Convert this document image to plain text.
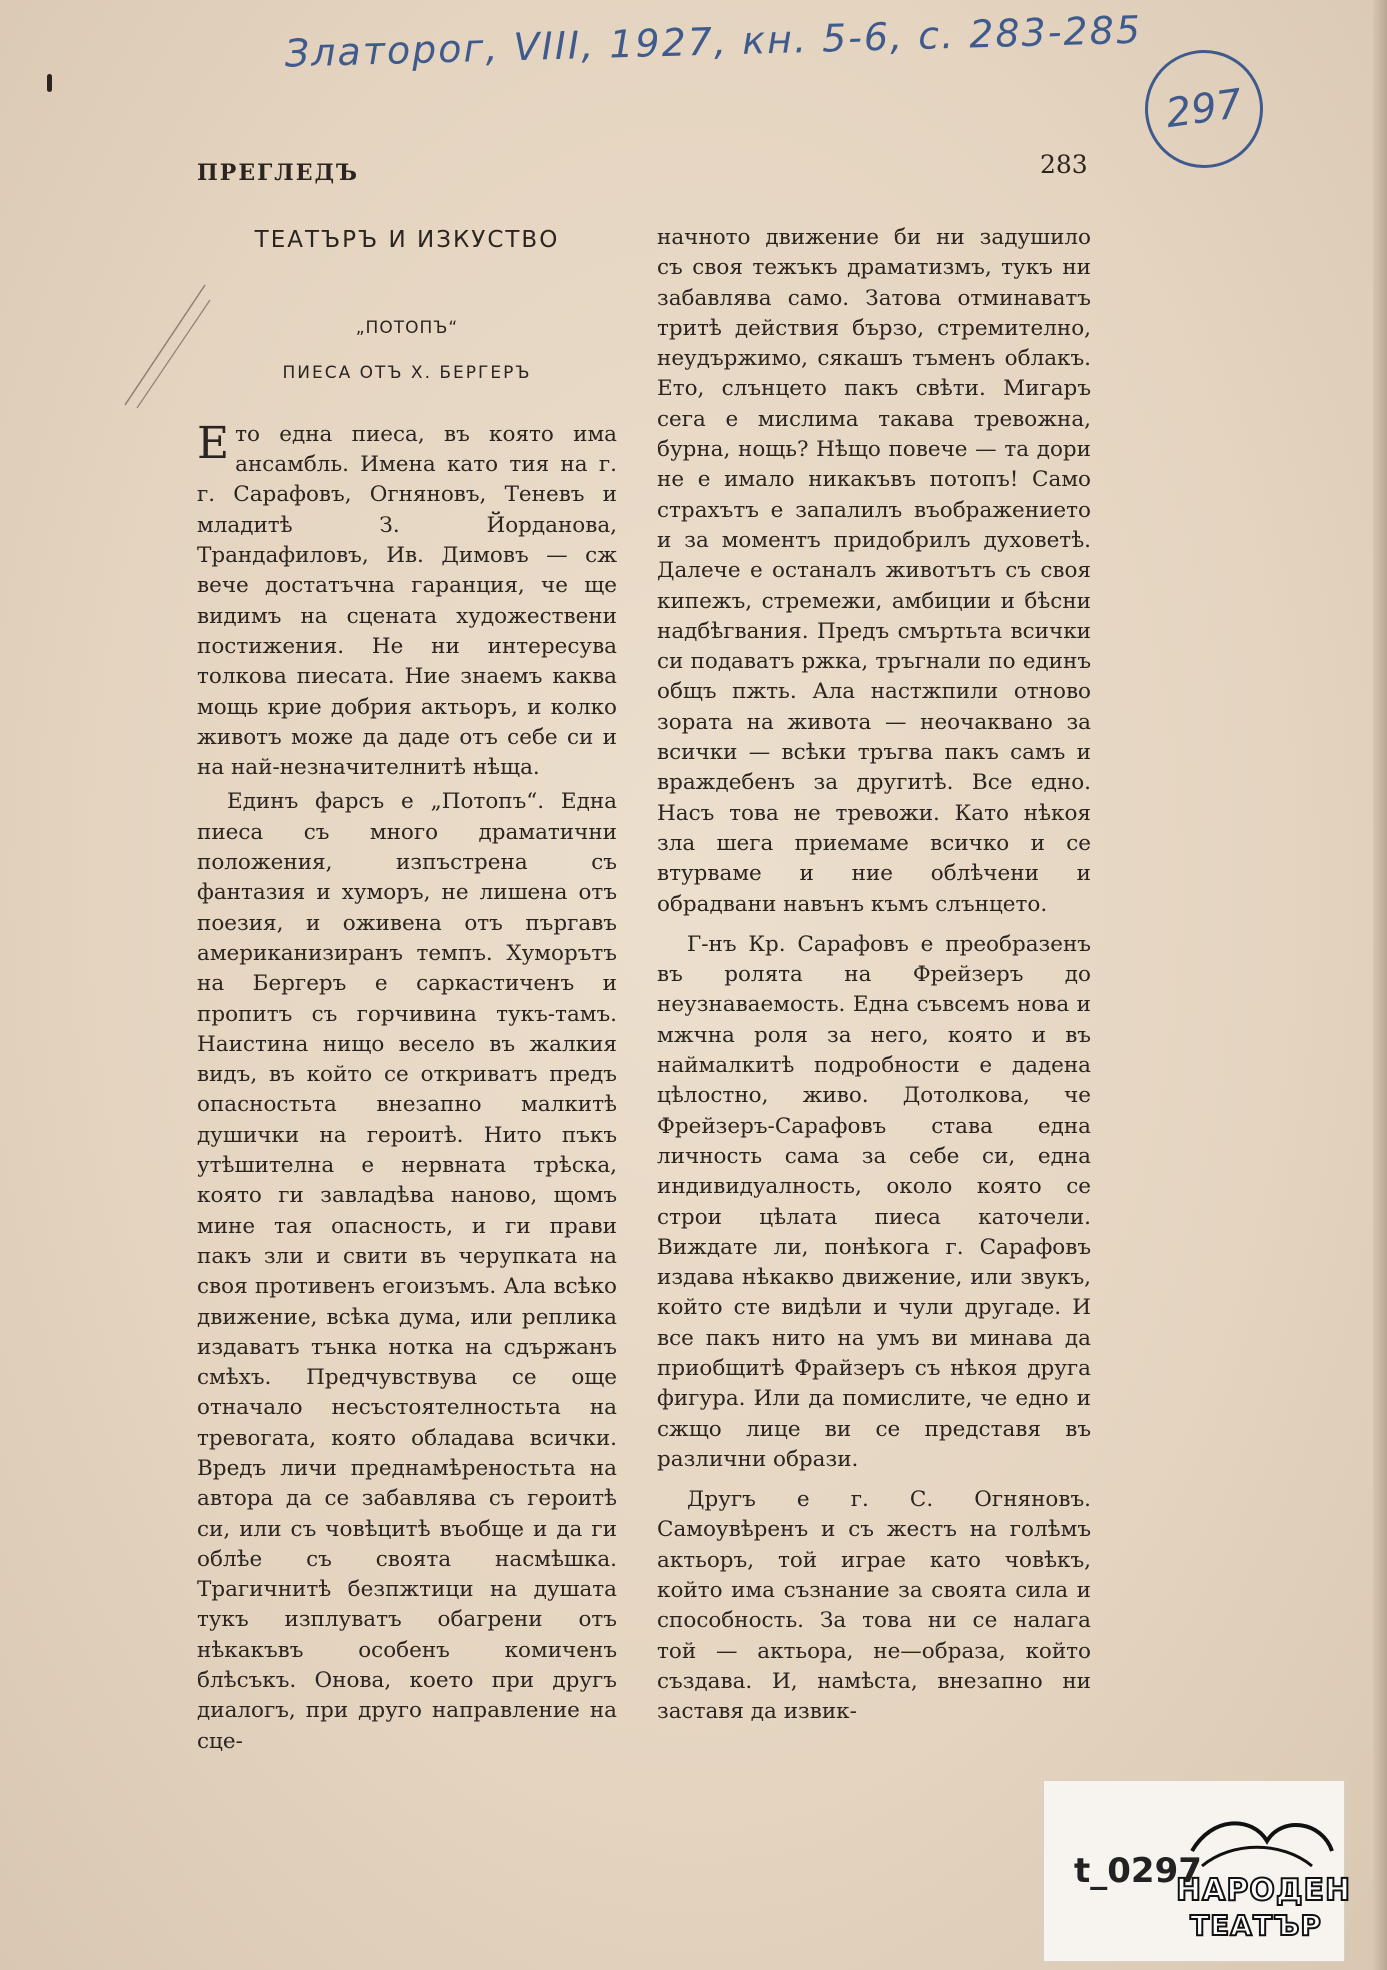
Златорог, VIII, 1927, кн. 5-6, с. 283-285
297
ПРЕГЛЕДЪ	283
ТЕАТЪРЪ И ИЗКУСТВО
„ПОТОПЪ“
ПИЕСА ОТЪ Х. БЕРГЕРЪ

Ето една пиеса, въ която има ансамбль. Имена като тия на г. г. Сарафовъ, Огняновъ, Теневъ и младитѣ З. Йорданова, Трандафиловъ, Ив. Димовъ — сж вече достатъчна гаранция, че ще видимъ на сцената художествени постижения. Не ни интересува толкова пиесата. Ние знаемъ каква мощь крие добрия актьоръ, и колко животъ може да даде отъ себе си и на най-незначителнитѣ нѣща.

Единъ фарсъ е „Потопъ“. Една пиеса съ много драматични положения, изпъстрена съ фантазия и хуморъ, не лишена отъ поезия, и оживена отъ пъргавъ американизиранъ темпъ. Хуморътъ на Бергеръ е саркастиченъ и пропитъ съ горчивина тукъ-тамъ. Наистина нищо весело въ жалкия видъ, въ който се откриватъ предъ опасностьта внезапно малкитѣ душички на героитѣ. Нито пъкъ утѣшителна е нервната трѣска, която ги завладѣва наново, щомъ мине тая опасность, и ги прави пакъ зли и свити въ черупката на своя противенъ егоизъмъ. Ала всѣко движение, всѣка дума, или реплика издаватъ тънка нотка на сдържанъ смѣхъ. Предчувствува се още отначало несъстоятелностьта на тревогата, която обладава всички. Вредъ личи преднамѣреностьта на автора да се забавлява съ героитѣ си, или съ човѣцитѣ въобще и да ги облѣе съ своята насмѣшка. Трагичнитѣ безпжтици на душата тукъ изплуватъ обагрени отъ нѣкакъвъ особенъ комиченъ блѣсъкъ. Онова, което при другъ диалогъ, при друго направление на сце-

начното движение би ни задушило съ своя тежъкъ драматизмъ, тукъ ни забавлява само. Затова отминаватъ тритѣ действия бързо, стремително, неудържимо, сякашъ тъменъ облакъ. Ето, слънцето пакъ свѣти. Мигаръ сега е мислима такава тревожна, бурна, нощь? Нѣщо повече — та дори не е имало никакъвъ потопъ! Само страхътъ е запалилъ въображението и за моментъ придобрилъ духоветѣ. Далече е останалъ животътъ съ своя кипежъ, стремежи, амбиции и бѣсни надбѣгвания. Предъ смъртьта всички си подаватъ ржка, тръгнали по единъ общъ пжть. Ала настжпили отново зората на живота — неочаквано за всички — всѣки тръгва пакъ самъ и враждебенъ за другитѣ. Все едно. Насъ това не тревожи. Като нѣкоя зла шега приемаме всичко и се втурваме и ние облѣчени и обрадвани навънъ къмъ слънцето.

Г-нъ Кр. Сарафовъ е преобразенъ въ ролята на Фрейзеръ до неузнаваемость. Една съвсемъ нова и мжчна роля за него, която и въ наймалкитѣ подробности е дадена цѣлостно, живо. Дотолкова, че Фрейзеръ-Сарафовъ става една личность сама за себе си, една индивидуалность, около която се строи цѣлата пиеса каточели. Виждате ли, понѣкога г. Сарафовъ издава нѣкакво движение, или звукъ, който сте видѣли и чули другаде. И все пакъ нито на умъ ви минава да приобщитѣ Фрайзеръ съ нѣкоя друга фигура. Или да помислите, че едно и сжщо лице ви се представя въ различни образи.

Другъ е г. С. Огняновъ. Самоувѣренъ и съ жестъ на голѣмъ актьоръ, той играе като човѣкъ, който има съзнание за своята сила и способность. За това ни се налага той — актьора, не—образа, който създава. И, намѣста, внезапно ни заставя да извик-

t_0297
НАРОДЕН
ТЕАТЪР
